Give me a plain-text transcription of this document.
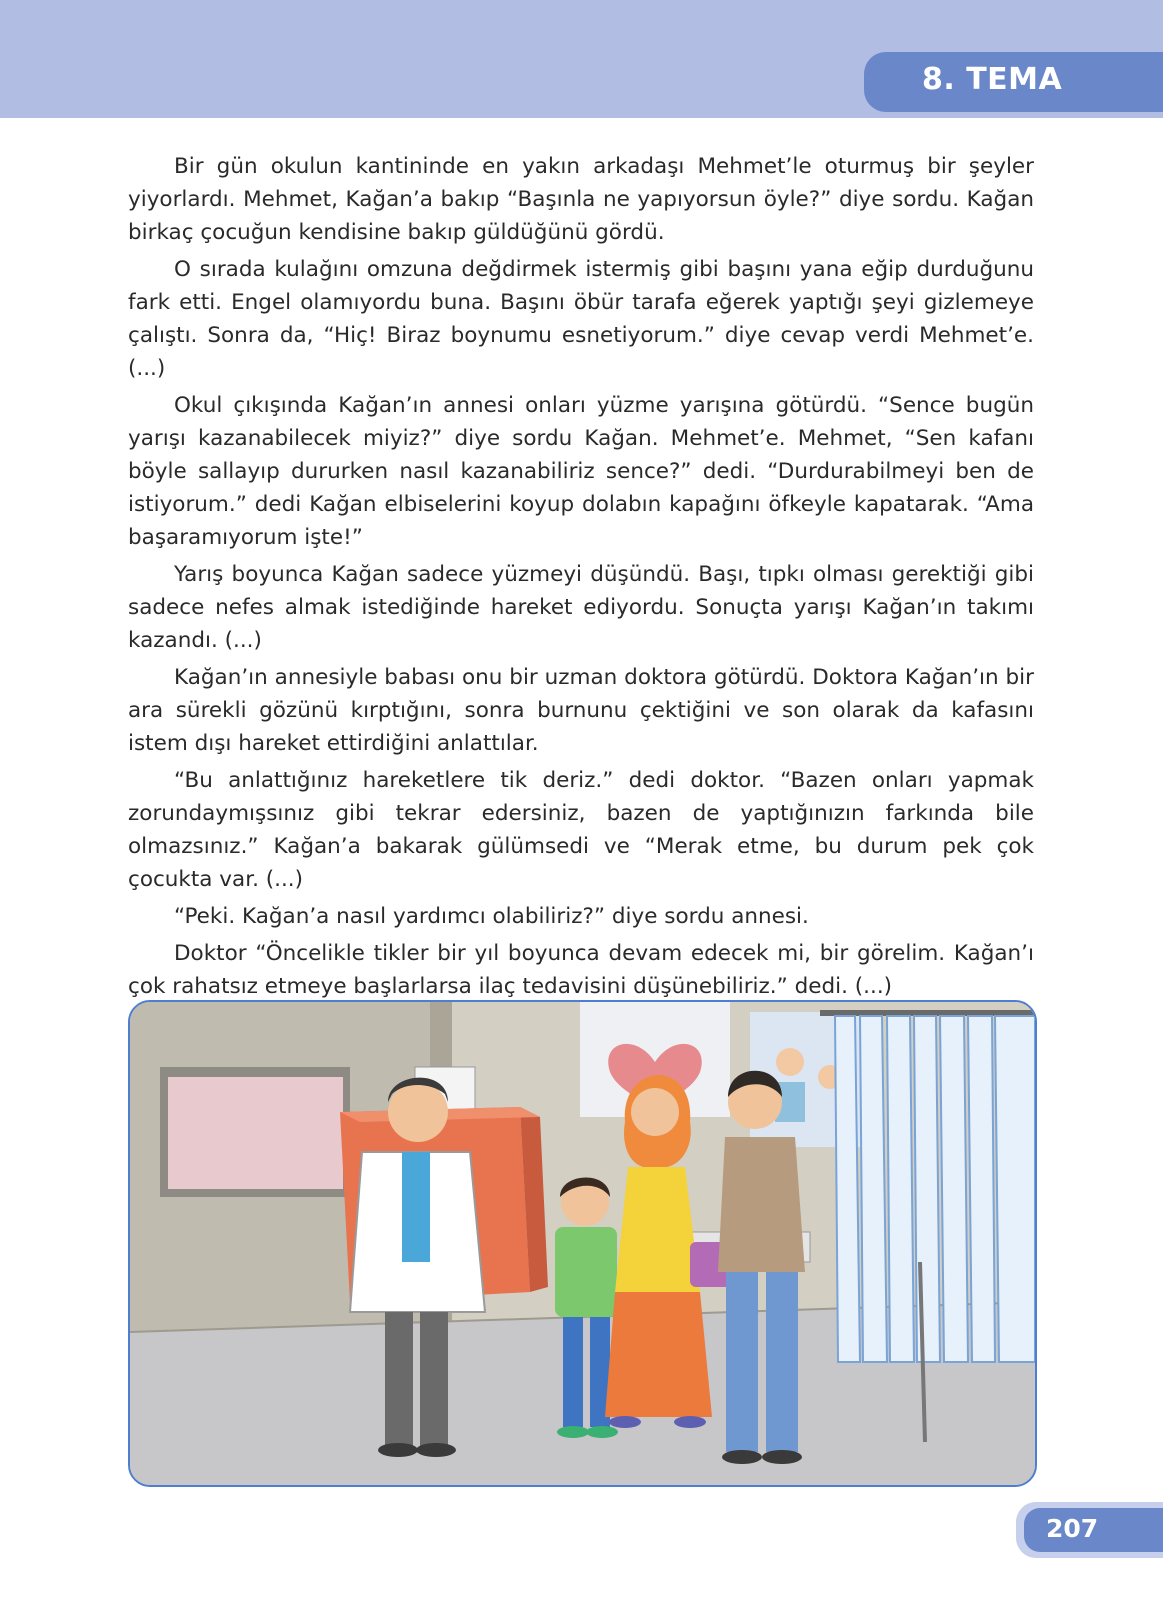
8. TEMA

Bir gün okulun kantininde en yakın arkadaşı Mehmet’le oturmuş bir şeyler yiyorlardı. Mehmet, Kağan’a bakıp “Başınla ne yapıyorsun öyle?” diye sordu. Kağan birkaç çocuğun kendisine bakıp güldüğünü gördü.

O sırada kulağını omzuna değdirmek istermiş gibi başını yana eğip durduğunu fark etti. Engel olamıyordu buna. Başını öbür tarafa eğerek yaptığı şeyi gizlemeye çalıştı. Sonra da, “Hiç! Biraz boynumu esnetiyorum.” diye cevap verdi Mehmet’e. (...)

Okul çıkışında Kağan’ın annesi onları yüzme yarışına götürdü. “Sence bugün yarışı kazanabilecek miyiz?” diye sordu Kağan. Mehmet’e. Mehmet, “Sen kafanı böyle sallayıp dururken nasıl kazanabiliriz sence?” dedi. “Durdurabilmeyi ben de istiyorum.” dedi Kağan elbiselerini koyup dolabın kapağını öfkeyle kapatarak. “Ama başaramıyorum işte!”

Yarış boyunca Kağan sadece yüzmeyi düşündü. Başı, tıpkı olması gerektiği gibi sadece nefes almak istediğinde hareket ediyordu. Sonuçta yarışı Kağan’ın takımı kazandı. (...)

Kağan’ın annesiyle babası onu bir uzman doktora götürdü. Doktora Kağan’ın bir ara sürekli gözünü kırptığını, sonra burnunu çektiğini ve son olarak da kafasını istem dışı hareket ettirdiğini anlattılar.

“Bu anlattığınız hareketlere tik deriz.” dedi doktor. “Bazen onları yapmak zorundaymışsınız gibi tekrar edersiniz, bazen de yaptığınızın farkında bile olmazsınız.” Kağan’a bakarak gülümsedi ve “Merak etme, bu durum pek çok çocukta var. (...)

“Peki. Kağan’a nasıl yardımcı olabiliriz?” diye sordu annesi.

Doktor “Öncelikle tikler bir yıl boyunca devam edecek mi, bir görelim. Kağan’ı çok rahatsız etmeye başlarlarsa ilaç tedavisini düşünebiliriz.” dedi. (...)

207
